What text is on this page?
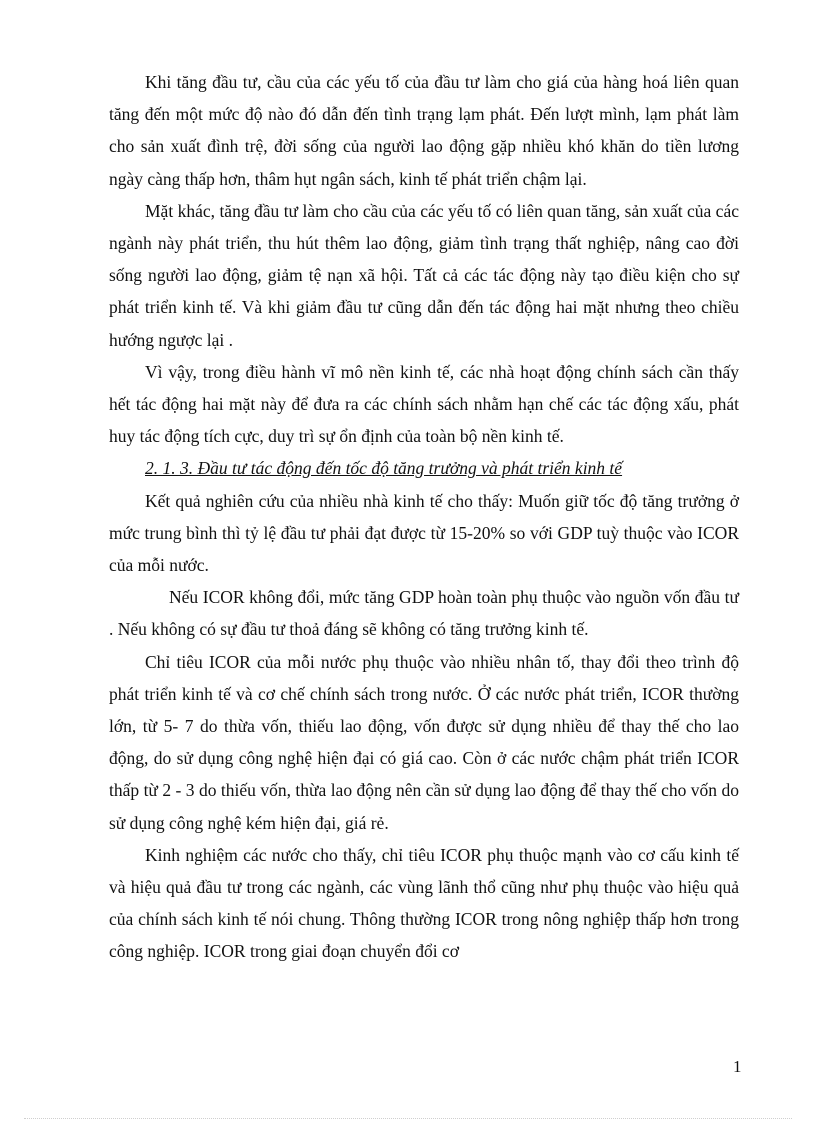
Khi tăng đầu tư, cầu của các yếu tố của đầu tư làm cho giá của hàng hoá liên quan tăng đến một mức độ nào đó dẫn đến tình trạng lạm phát. Đến lượt mình, lạm phát làm cho sản xuất đình trệ, đời sống của người lao động gặp nhiều khó khăn do tiền lương ngày càng thấp hơn, thâm hụt ngân sách, kinh tế phát triển chậm lại.

Mặt khác, tăng đầu tư làm cho cầu của các yếu tố có liên quan tăng, sản xuất của các ngành này phát triển, thu hút thêm lao động, giảm tình trạng thất nghiệp, nâng cao đời sống người lao động, giảm tệ nạn xã hội. Tất cả các tác động này tạo điều kiện cho sự phát triển kinh tế. Và khi giảm đầu tư cũng dẫn đến tác động hai mặt nhưng theo chiều hướng ngược lại .

Vì vậy, trong điều hành vĩ mô nền kinh tế, các nhà hoạt động chính sách cần thấy hết tác động hai mặt này để đưa ra các chính sách nhằm hạn chế các tác động xấu, phát huy tác động tích cực, duy trì sự ổn định của toàn bộ nền kinh tế.

2. 1. 3. Đầu tư tác động đến tốc độ tăng trưởng và phát triển kinh tế

Kết quả nghiên cứu của nhiều nhà kinh tế cho thấy: Muốn giữ tốc độ tăng trưởng ở mức trung bình thì tỷ lệ đầu tư phải đạt được từ 15-20% so với GDP tuỳ thuộc vào ICOR của mỗi nước.

Nếu ICOR không đổi, mức tăng GDP hoàn toàn phụ thuộc vào nguồn vốn đầu tư . Nếu không có sự đầu tư thoả đáng sẽ không có tăng trưởng kinh tế.

Chỉ tiêu ICOR của mỗi nước phụ thuộc vào nhiều nhân tố, thay đổi theo trình độ phát triển kinh tế và cơ chế chính sách trong nước. Ở các nước phát triển, ICOR thường lớn, từ 5- 7 do thừa vốn, thiếu lao động, vốn được sử dụng nhiều để thay thế cho lao động, do sử dụng công nghệ hiện đại có giá cao. Còn ở các nước chậm phát triển ICOR thấp từ 2 - 3 do thiếu vốn, thừa lao động nên cần sử dụng lao động để thay thế cho vốn do sử dụng công nghệ kém hiện đại, giá rẻ.

Kinh nghiệm các nước cho thấy, chỉ tiêu ICOR phụ thuộc mạnh vào cơ cấu kinh tế và hiệu quả đầu tư trong các ngành, các vùng lãnh thổ cũng như phụ thuộc vào hiệu quả của chính sách kinh tế nói chung. Thông thường ICOR trong nông nghiệp thấp hơn trong công nghiệp. ICOR trong giai đoạn chuyển đổi cơ

1
